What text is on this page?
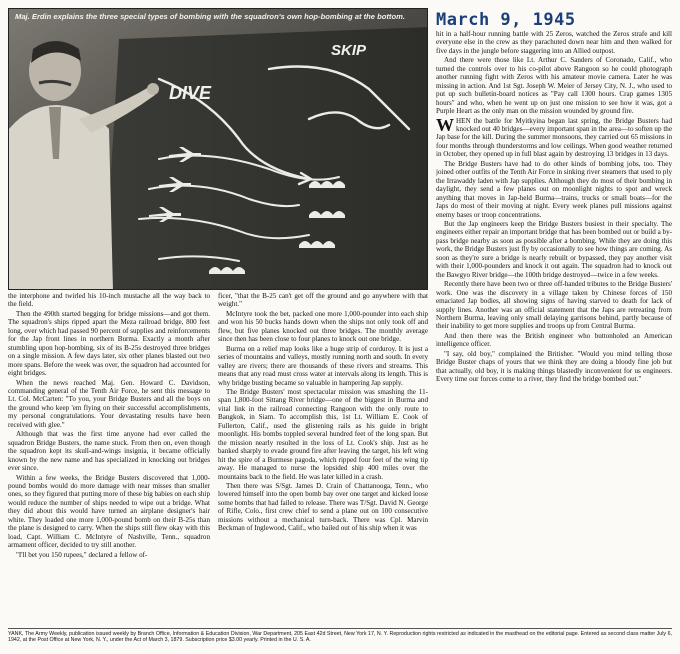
DIVE
SKIP
Maj. Erdin explains the three special types of bombing with the squadron's own hop-bombing at the bottom.	March 9, 1945

the interphone and twirled his 10-inch mustache all the way back to the field.

Then the 490th started begging for bridge missions—and got them. The squadron's ships ripped apart the Meza railroad bridge, 800 feet long, over which had passed 90 percent of supplies and reinforcements for the Jap front lines in northern Burma. Exactly a month after stumbling upon hop-bombing, six of its B-25s destroyed three bridges on a single mission. A few days later, six other planes blasted out two more spans. Before the week was over, the squadron had accounted for eight bridges.

When the news reached Maj. Gen. Howard C. Davidson, commanding general of the Tenth Air Force, he sent this message to Lt. Col. McCarten: "To you, your Bridge Busters and all the boys on the ground who keep 'em flying on their successful accomplishments, my personal congratulations. Your devastating results have been received with glee."

Although that was the first time anyone had ever called the squadron Bridge Busters, the name stuck. From then on, even though the squadron kept its skull-and-wings insignia, it became officially known by the new name and has specialized in knocking out bridges ever since.

Within a few weeks, the Bridge Busters discovered that 1,000-pound bombs would do more damage with near misses than smaller ones, so they figured that putting more of these big babies on each ship would reduce the number of ships needed to wipe out a bridge. What they did about this would have turned an airplane designer's hair white. They loaded one more 1,000-pound bomb on their B-25s than the plane is designed to carry. When the ships still flew okay with this load, Capt. William C. McIntyre of Nashville, Tenn., squadron armament officer, decided to try still another.

"I'll bet you 150 rupees," declared a fellow of-

ficer, "that the B-25 can't get off the ground and go anywhere with that weight."

McIntyre took the bet, packed one more 1,000-pounder into each ship and won his 50 bucks hands down when the ships not only took off and flew, but five planes knocked out three bridges. The monthly average since then has been close to four planes to knock out one bridge.

Burma on a relief map looks like a huge strip of corduroy. It is just a series of mountains and valleys, mostly running north and south. In every valley are rivers; there are thousands of these rivers and streams. This means that any road must cross water at intervals along its length. This is why bridge busting became so valuable in hampering Jap supply.

The Bridge Busters' most spectacular mission was smashing the 11-span 1,800-foot Sittang River bridge—one of the biggest in Burma and vital link in the railroad connecting Rangoon with the only route to Bangkok, in Siam. To accomplish this, 1st Lt. William E. Cook of Fullerton, Calif., used the glistening rails as his guide in bright moonlight. His bombs toppled several hundred feet of the long span. But the mission nearly resulted in the loss of Lt. Cook's ship. Just as he banked sharply to evade ground fire after leaving the target, his left wing hit the spire of a Burmese pagoda, which ripped four feet of the wing tip away. He managed to nurse the lopsided ship 400 miles over the mountains back to the field. He was later killed in a crash.

Then there was S/Sgt. James D. Crain of Chattanooga, Tenn., who lowered himself into the open bomb bay over one target and kicked loose some bombs that had failed to release. There was T/Sgt. David N. George of Rifle, Colo., first crew chief to send a plane out on 100 consecutive missions without a mechanical turn-back. There was Cpl. Marvin Beckman of Inglewood, Calif., who bailed out of his ship when it was

hit in a half-hour running battle with 25 Zeros, watched the Zeros strafe and kill everyone else in the crew as they parachuted down near him and then walked for five days in the jungle before staggering into an Allied outpost.

And there were those like Lt. Arthur C. Sanders of Coronado, Calif., who turned the controls over to his co-pilot above Rangoon so he could photograph another running fight with Zeros with his amateur movie camera. Later he was missing in action. And 1st Sgt. Joseph W. Meier of Jersey City, N. J., who used to put up such bulletin-board notices as "Pay call 1300 hours. Crap games 1305 hours" and who, when he went up on just one mission to see how it was, got a Purple Heart as the only man on the mission wounded by ground fire.

WHEN the battle for Myitkyina began last spring, the Bridge Busters had knocked out 40 bridges—every important span in the area—to soften up the Jap base for the kill. During the summer monsoons, they carried out 65 missions in four months through thunderstorms and low ceilings. When good weather returned in October, they opened up in full blast again by destroying 13 bridges in 13 days.

The Bridge Busters have had to do other kinds of bombing jobs, too. They joined other outfits of the Tenth Air Force in sinking river steamers that used to ply the Irrawaddy laden with Jap supplies. Although they do most of their bombing in daylight, they send a few planes out on moonlight nights to spot and wreck anything that moves in Jap-held Burma—trains, trucks or small boats—for the Japs do most of their moving at night. Every week planes pull missions against enemy bases or troop concentrations.

But the Jap engineers keep the Bridge Busters busiest in their specialty. The engineers either repair an important bridge that has been bombed out or build a by-pass bridge nearby as soon as possible after a bombing. While they are doing this work, the Bridge Busters just fly by occasionally to see how things are coming. As soon as they're sure a bridge is nearly rebuilt or bypassed, they pay another visit with their 1,000-pounders and knock it out again. The squadron had to knock out the Bawgyo River bridge—the 100th bridge destroyed—twice in a few weeks.

Recently there have been two or three off-handed tributes to the Bridge Busters' work. One was the discovery in a village taken by Chinese forces of 150 emaciated Jap bodies, all showing signs of having starved to death for lack of supply lines. Another was an official statement that the Japs are retreating from Northern Burma, leaving only small delaying garrisons behind, partly because of their inability to get more supplies and troops up from Central Burma.

And then there was the British engineer who buttonholed an American intelligence officer.

"I say, old boy," complained the Britisher. "Would you mind telling those Bridge Buster chaps of yours that we think they are doing a bloody fine job but that actually, old boy, it is making things blastedly inconvenient for us engineers. Every time our forces come to a river, they find the bridge bombed out."

YANK, The Army Weekly, publication issued weekly by Branch Office, Information & Education Division, War Department, 205 East 42d Street, New York 17, N. Y. Reproduction rights restricted as indicated in the masthead on the editorial page. Entered as second class matter July 6, 1942, at the Post Office at New York, N. Y., under the Act of March 3, 1879. Subscription price $3.00 yearly. Printed in the U. S. A.
